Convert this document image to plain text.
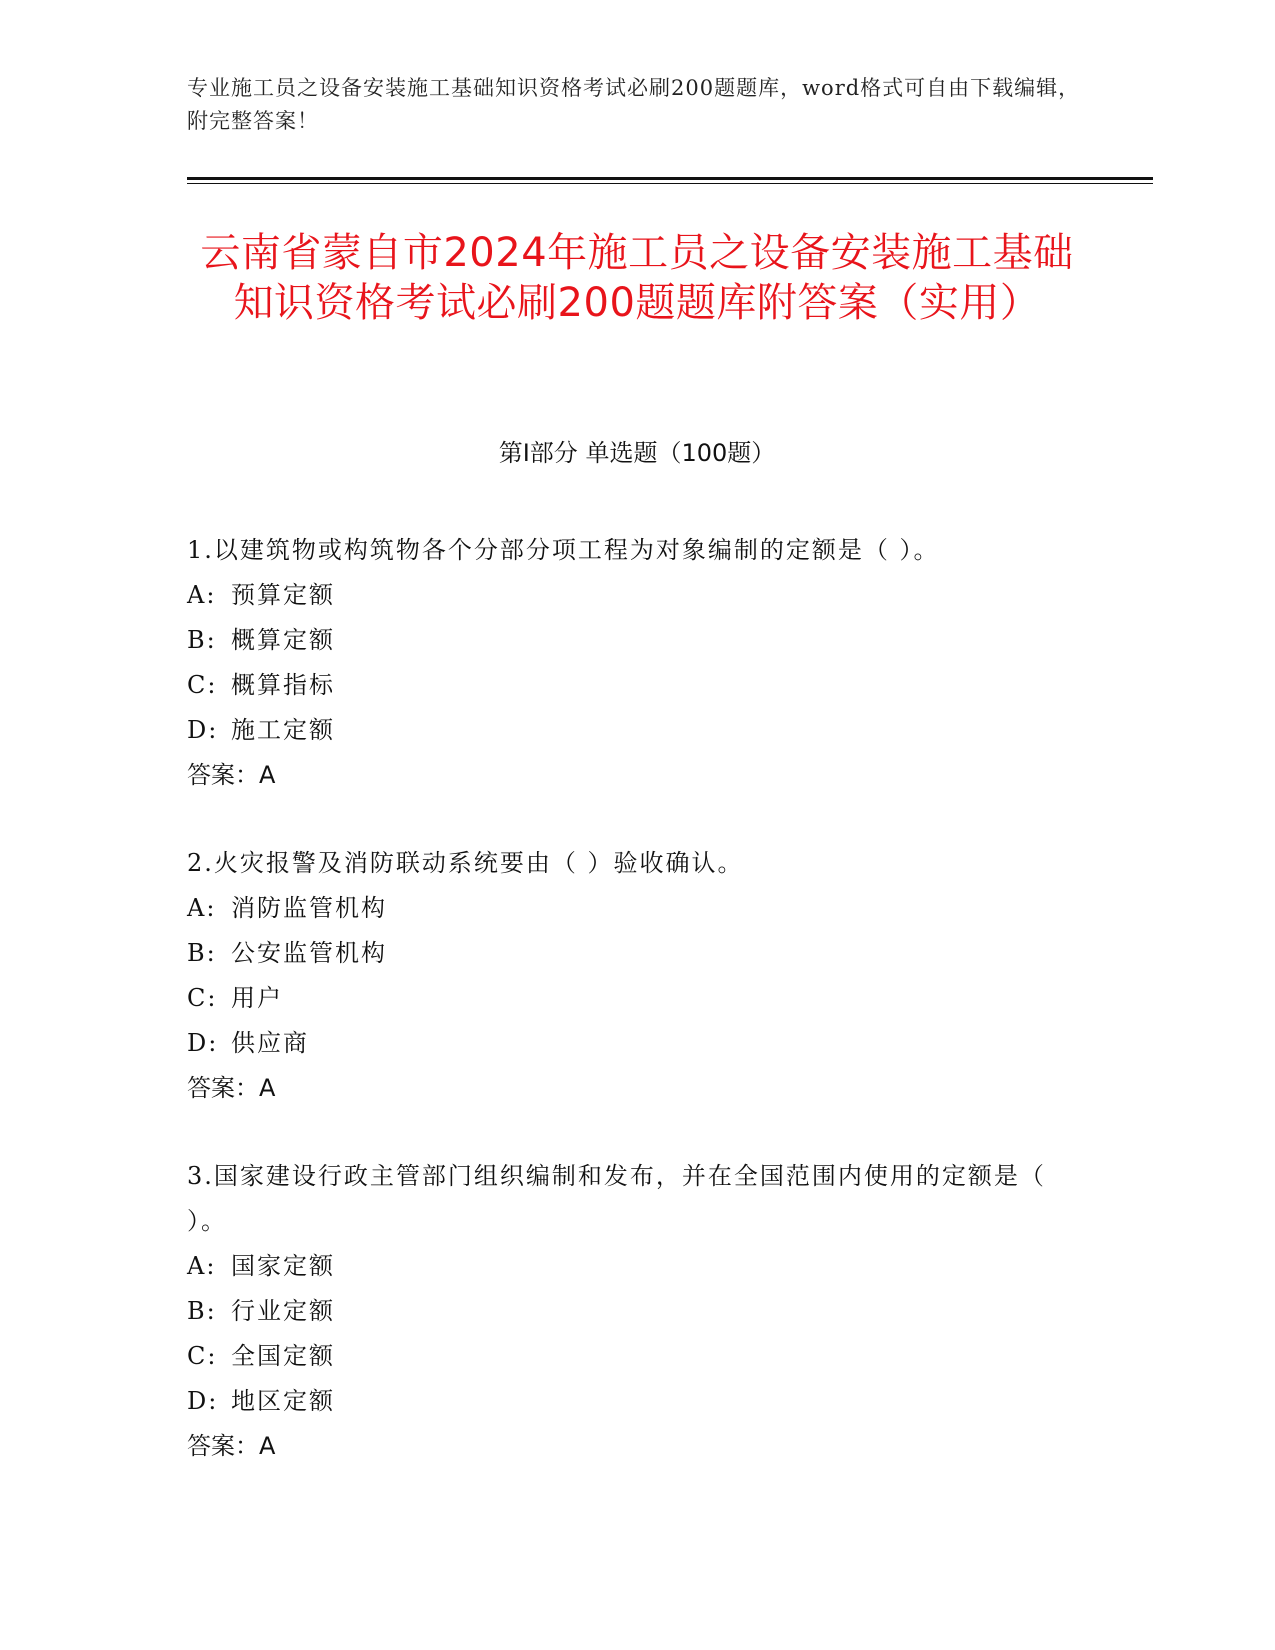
专业施工员之设备安装施工基础知识资格考试必刷200题题库，word格式可自由下载编辑，附完整答案！
云南省蒙自市2024年施工员之设备安装施工基础知识资格考试必刷200题题库附答案（实用）
第I部分 单选题（100题）

1.以建筑物或构筑物各个分部分项工程为对象编制的定额是（ ）。

A: 预算定额

B: 概算定额

C: 概算指标

D: 施工定额

答案：A

2.火灾报警及消防联动系统要由（ ）验收确认。

A: 消防监管机构

B: 公安监管机构

C: 用户

D: 供应商

答案：A

3.国家建设行政主管部门组织编制和发布，并在全国范围内使用的定额是（ ）。

A: 国家定额

B: 行业定额

C: 全国定额

D: 地区定额

答案：A
